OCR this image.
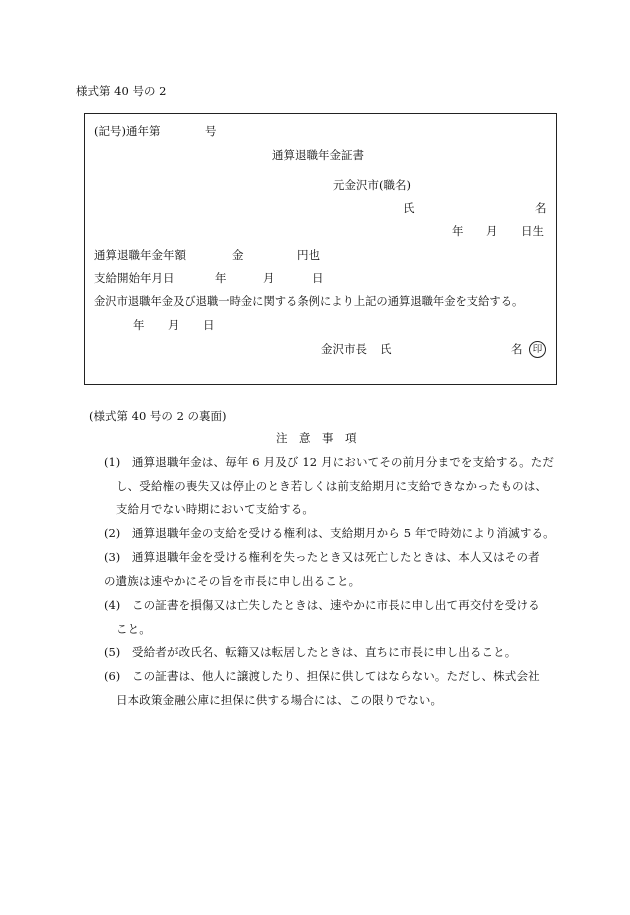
様式第 40 号の 2
(記号)通年第	号
通算退職年金証書
元金沢市(職名)
氏	名
年 月 日生
通算退職年金年額	金	円也
支給開始年月日	年	月	日
金沢市退職年金及び退職一時金に関する条例により上記の通算退職年金を支給する。
年 月 日
金沢市長 氏	名	印
(様式第 40 号の 2 の裏面)
注　意　事　項
(1) 通算退職年金は、毎年 6 月及び 12 月においてその前月分までを支給する。ただ
し、受給権の喪失又は停止のとき若しくは前支給期月に支給できなかったものは、
支給月でない時期において支給する。
(2) 通算退職年金の支給を受ける権利は、支給期月から 5 年で時効により消滅する。
(3) 通算退職年金を受ける権利を失ったとき又は死亡したときは、本人又はその者
の遺族は速やかにその旨を市長に申し出ること。
(4) この証書を損傷又は亡失したときは、速やかに市長に申し出て再交付を受ける
こと。
(5) 受給者が改氏名、転籍又は転居したときは、直ちに市長に申し出ること。
(6) この証書は、他人に譲渡したり、担保に供してはならない。ただし、株式会社
日本政策金融公庫に担保に供する場合には、この限りでない。
